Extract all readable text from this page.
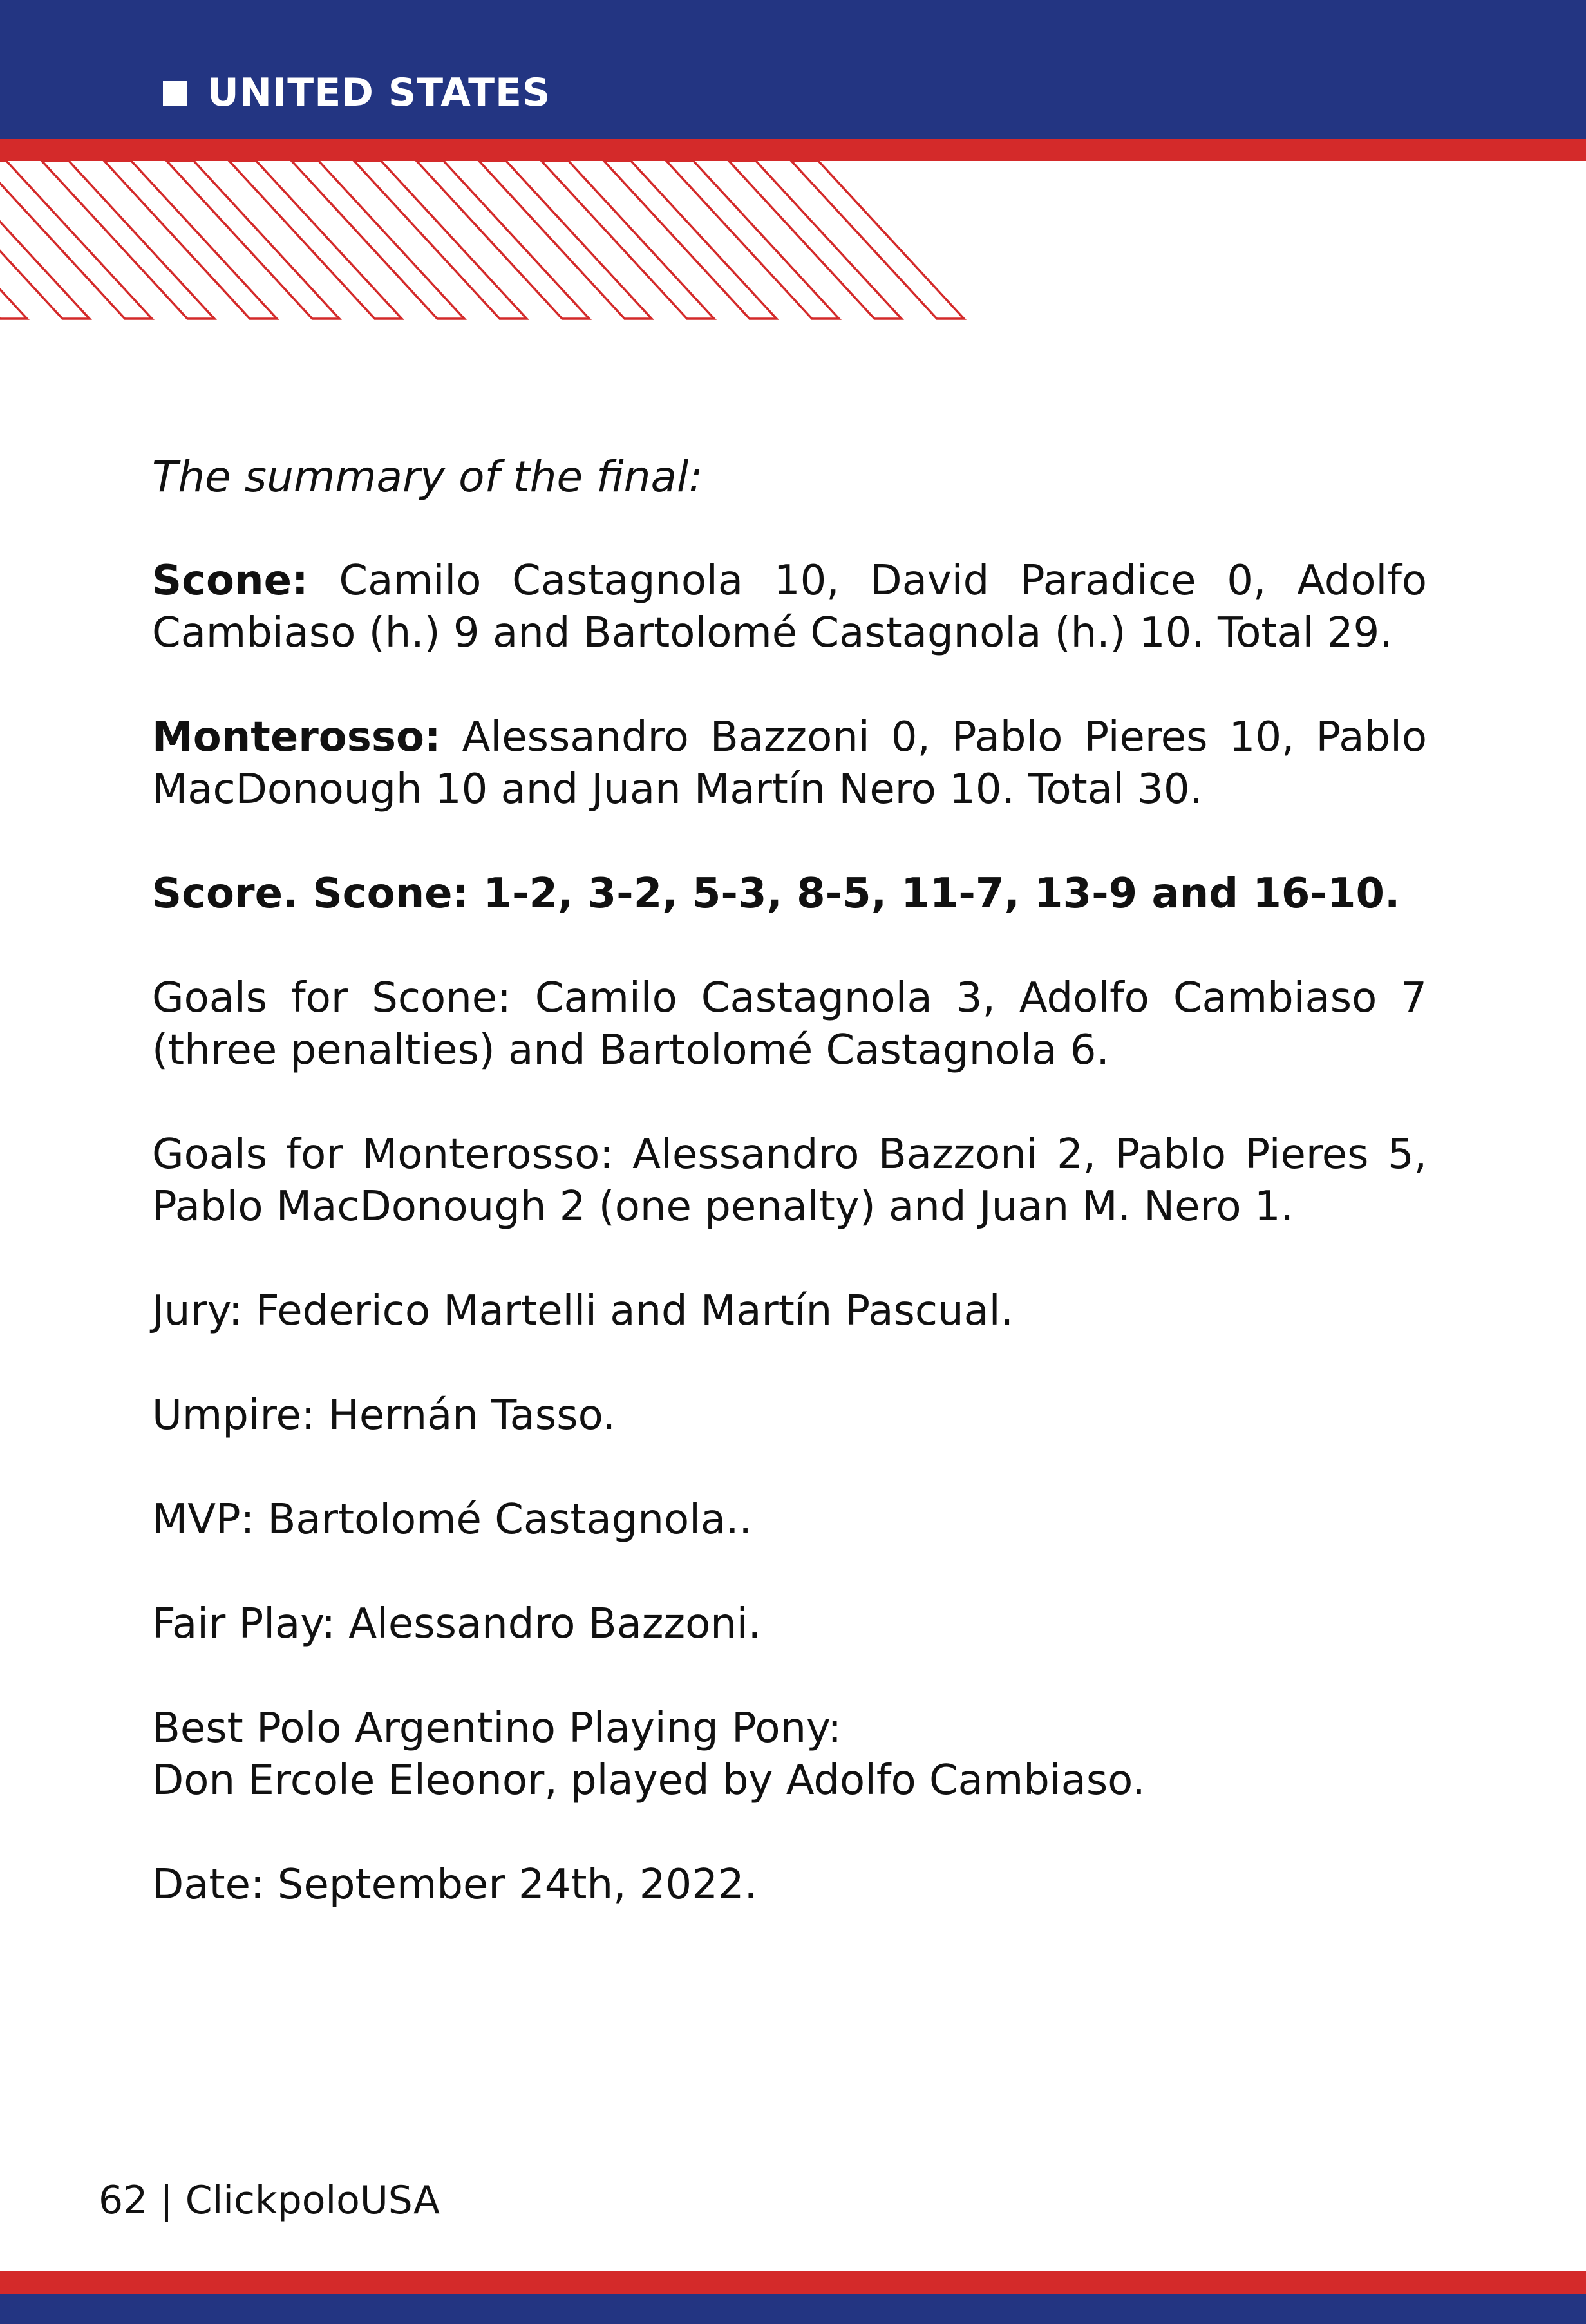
UNITED STATES

The summary of the final:

Scone: Camilo Castagnola 10, David Paradice 0, Adolfo Cambiaso (h.) 9 and Bartolomé Castagnola (h.) 10. Total 29.

Monterosso: Alessandro Bazzoni 0, Pablo Pieres 10, Pablo MacDonough 10 and Juan Martín Nero 10. Total 30.

Score. Scone: 1-2, 3-2, 5-3, 8-5, 11-7, 13-9 and 16-10.

Goals for Scone: Camilo Castagnola 3, Adolfo Cambiaso 7 (three penalties) and Bartolomé Castagnola 6.

Goals for Monterosso: Alessandro Bazzoni 2, Pablo Pieres 5, Pablo MacDonough 2 (one penalty) and Juan M. Nero 1.

Jury: Federico Martelli and Martín Pascual.

Umpire: Hernán Tasso.

MVP: Bartolomé Castagnola..

Fair Play: Alessandro Bazzoni.

Best Polo Argentino Playing Pony:
Don Ercole Eleonor, played by Adolfo Cambiaso.

Date: September 24th, 2022.

62 | ClickpoloUSA
